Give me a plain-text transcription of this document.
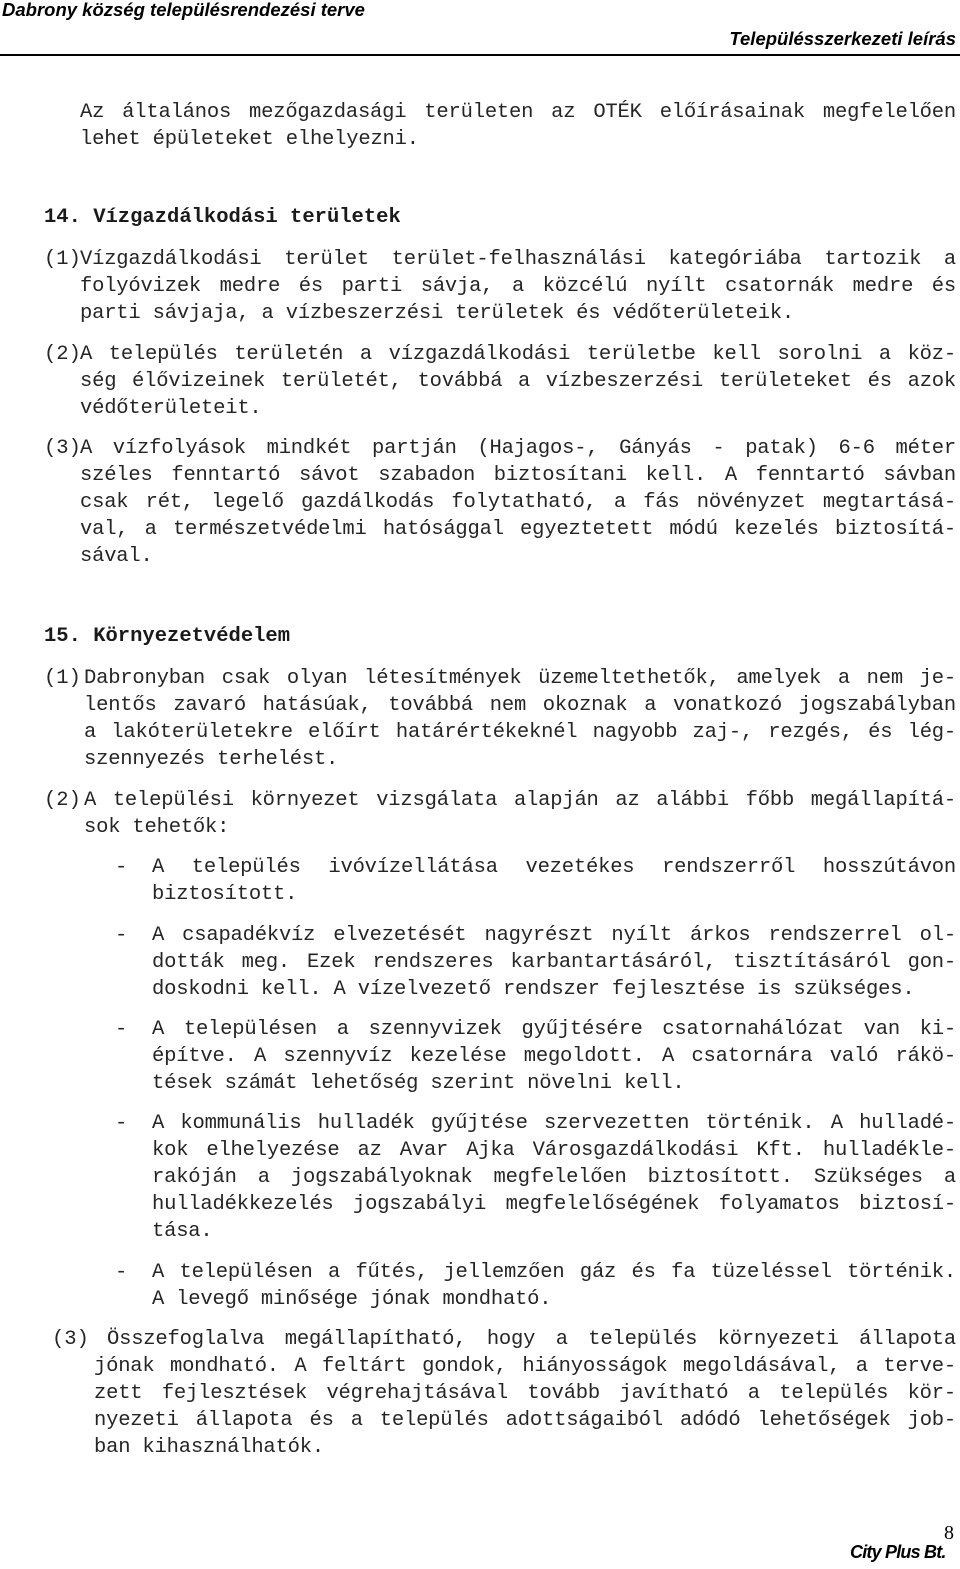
Dabrony község településrendezési terve
Településszerkezeti leírás
Az általános mezőgazdasági területen az OTÉK előírásainak megfelelően
lehet épületeket elhelyezni.
14. Vízgazdálkodási területek
(1) Vízgazdálkodási terület terület-felhasználási kategóriába tartozik a
folyóvizek medre és parti sávja, a közcélú nyílt csatornák medre és
parti sávjaja, a vízbeszerzési területek és védőterületeik.
(2) A település területén a vízgazdálkodási területbe kell sorolni a köz-
ség élővizeinek területét, továbbá a vízbeszerzési területeket és azok
védőterületeit.
(3) A vízfolyások mindkét partján (Hajagos-, Gányás - patak) 6-6 méter
széles fenntartó sávot szabadon biztosítani kell. A fenntartó sávban
csak rét, legelő gazdálkodás folytatható, a fás növényzet megtartásá-
val, a természetvédelmi hatósággal egyeztetett módú kezelés biztosítá-
sával.
15. Környezetvédelem
(1) Dabronyban csak olyan létesítmények üzemeltethetők, amelyek a nem je-
lentős zavaró hatásúak, továbbá nem okoznak a vonatkozó jogszabályban
a lakóterületekre előírt határértékeknél nagyobb zaj-, rezgés, és lég-
szennyezés terhelést.
(2) A települési környezet vizsgálata alapján az alábbi főbb megállapítá-
sok tehetők:
- A település ivóvízellátása vezetékes rendszerről hosszútávon
biztosított.
- A csapadékvíz elvezetését nagyrészt nyílt árkos rendszerrel ol-
dották meg. Ezek rendszeres karbantartásáról, tisztításáról gon-
doskodni kell. A vízelvezető rendszer fejlesztése is szükséges.
- A településen a szennyvizek gyűjtésére csatornahálózat van ki-
építve. A szennyvíz kezelése megoldott. A csatornára való rákö-
tések számát lehetőség szerint növelni kell.
- A kommunális hulladék gyűjtése szervezetten történik. A hulladé-
kok elhelyezése az Avar Ajka Városgazdálkodási Kft. hulladékle-
rakóján a jogszabályoknak megfelelően biztosított. Szükséges a
hulladékkezelés jogszabályi megfelelőségének folyamatos biztosí-
tása.
- A településen a fűtés, jellemzően gáz és fa tüzeléssel történik.
A levegő minősége jónak mondható.
(3) Összefoglalva megállapítható, hogy a település környezeti állapota
jónak mondható. A feltárt gondok, hiányosságok megoldásával, a terve-
zett fejlesztések végrehajtásával tovább javítható a település kör-
nyezeti állapota és a település adottságaiból adódó lehetőségek job-
ban kihasználhatók.
8
City Plus Bt.
